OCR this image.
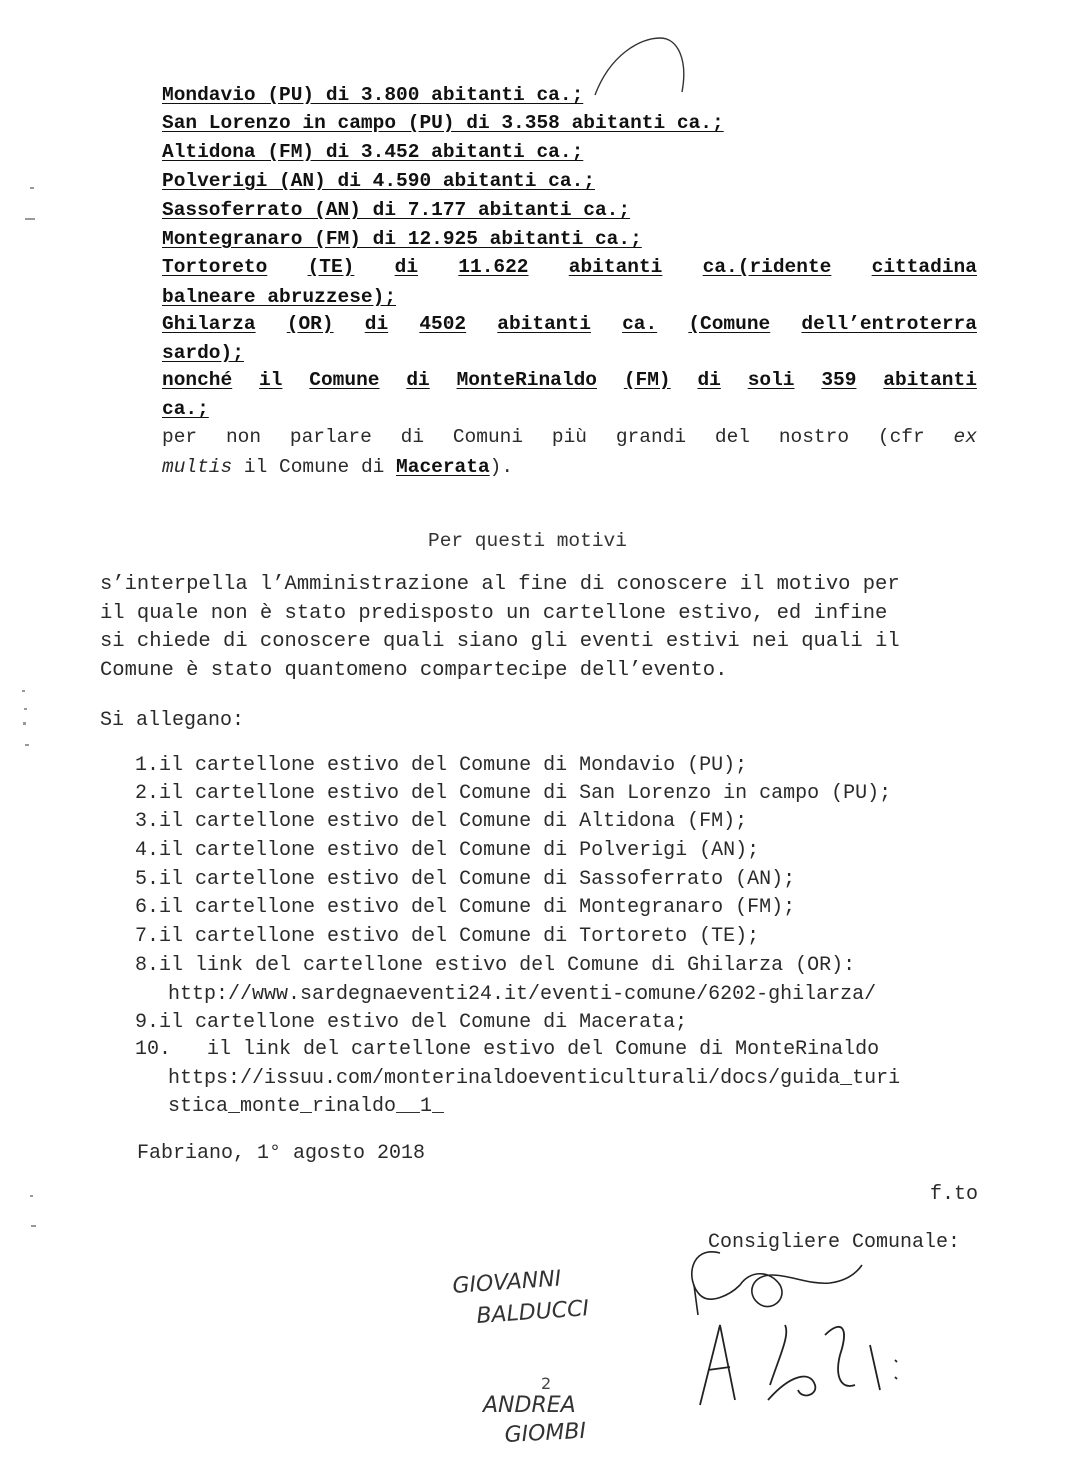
Mondavio (PU) di 3.800 abitanti ca.;
San Lorenzo in campo (PU) di 3.358 abitanti ca.;
Altidona (FM) di 3.452 abitanti ca.;
Polverigi (AN) di 4.590 abitanti ca.;
Sassoferrato (AN) di 7.177 abitanti ca.;
Montegranaro (FM) di 12.925 abitanti ca.;
Tortoreto (TE) di 11.622 abitanti ca.(ridente cittadina
balneare abruzzese);
Ghilarza (OR) di 4502 abitanti ca. (Comune dell’entroterra
sardo);
nonché il Comune di MonteRinaldo (FM) di soli 359 abitanti
ca.;
per non parlare di Comuni più grandi del nostro (cfr ex
multis il Comune di Macerata).
Per questi motivi
s’interpella l’Amministrazione al fine di conoscere il motivo per
il quale non è stato predisposto un cartellone estivo, ed infine
si chiede di conoscere quali siano gli eventi estivi nei quali il
Comune è stato quantomeno compartecipe dell’evento.
Si allegano:
1.il cartellone estivo del Comune di Mondavio (PU);
2.il cartellone estivo del Comune di San Lorenzo in campo (PU);
3.il cartellone estivo del Comune di Altidona (FM);
4.il cartellone estivo del Comune di Polverigi (AN);
5.il cartellone estivo del Comune di Sassoferrato (AN);
6.il cartellone estivo del Comune di Montegranaro (FM);
7.il cartellone estivo del Comune di Tortoreto (TE);
8.il link del cartellone estivo del Comune di Ghilarza (OR):
http://www.sardegnaeventi24.it/eventi-comune/6202-ghilarza/
9.il cartellone estivo del Comune di Macerata;
10.   il link del cartellone estivo del Comune di MonteRinaldo
https://issuu.com/monterinaldoeventiculturali/docs/guida_turi
stica_monte_rinaldo__1_
Fabriano, 1° agosto 2018
f.to
Consigliere Comunale:
GIOVANNI
BALDUCCI
2
ANDREA
GIOMBI
